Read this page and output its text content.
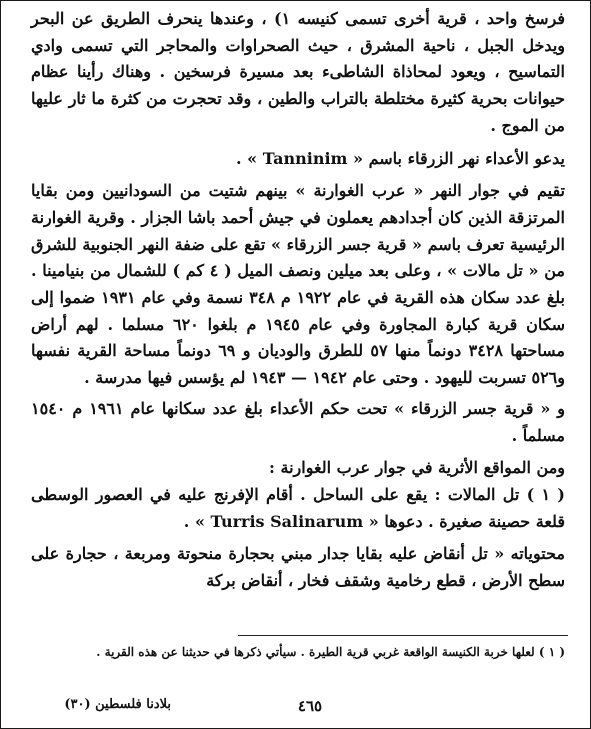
فرسخ واحد ، قرية أخرى تسمى كنيسه ١) ، وعندها ينحرف الطريق عن البحر ويدخل الجبل ، ناحية المشرق ، حيث الصحراوات والمحاجر التي تسمى وادي التماسيح ، ويعود لمحاذاة الشاطىء بعد مسيرة فرسخين . وهناك رأينا عظام حيوانات بحرية كثيرة مختلطة بالتراب والطين ، وقد تحجرت من كثرة ما ثار عليها من الموج .

يدعو الأعداء نهر الزرقاء باسم « Tanninim » .

تقيم في جوار النهر « عرب الغوارنة » بينهم شتيت من السودانيين ومن بقايا المرتزقة الذين كان أجدادهم يعملون في جيش أحمد باشا الجزار . وقرية الغوارنة الرئيسية تعرف باسم « قرية جسر الزرقاء » تقع على ضفة النهر الجنوبية للشرق من « تل مالات » ، وعلى بعد ميلين ونصف الميل ( ٤ كم ) للشمال من بنيامينا . بلغ عدد سكان هذه القرية في عام ١٩٢٢ م ٣٤٨ نسمة وفي عام ١٩٣١ ضموا إلى سكان قرية كبارة المجاورة وفي عام ١٩٤٥ م بلغوا ٦٢٠ مسلما . لهم أراض مساحتها ٣٤٢٨ دونماً منها ٥٧ للطرق والوديان و ٦٩ دونماً مساحة القرية نفسها و٥٢٦ تسربت لليهود . وحتى عام ١٩٤٢ — ١٩٤٣ لم يؤسس فيها مدرسة .

و « قرية جسر الزرقاء » تحت حكم الأعداء بلغ عدد سكانها عام ١٩٦١ م ١٥٤٠ مسلماً .

ومن المواقع الأثرية في جوار عرب الغوارنة :

( ١ ) تل المالات : يقع على الساحل . أقام الإفرنج عليه في العصور الوسطى قلعة حصينة صغيرة . دعوها « Turris Salinarum » .

محتوياته « تل أنقاض عليه بقايا جدار مبني بحجارة منحوتة ومربعة ، حجارة على سطح الأرض ، قطع رخامية وشقف فخار ، أنقاض بركة

( ١ ) لعلها خربة الكنيسة الواقعة غربي قرية الطيرة . سيأتي ذكرها في حديثنا عن هذه القرية .
٤٦٥
بلادنا فلسطين (٣٠)
